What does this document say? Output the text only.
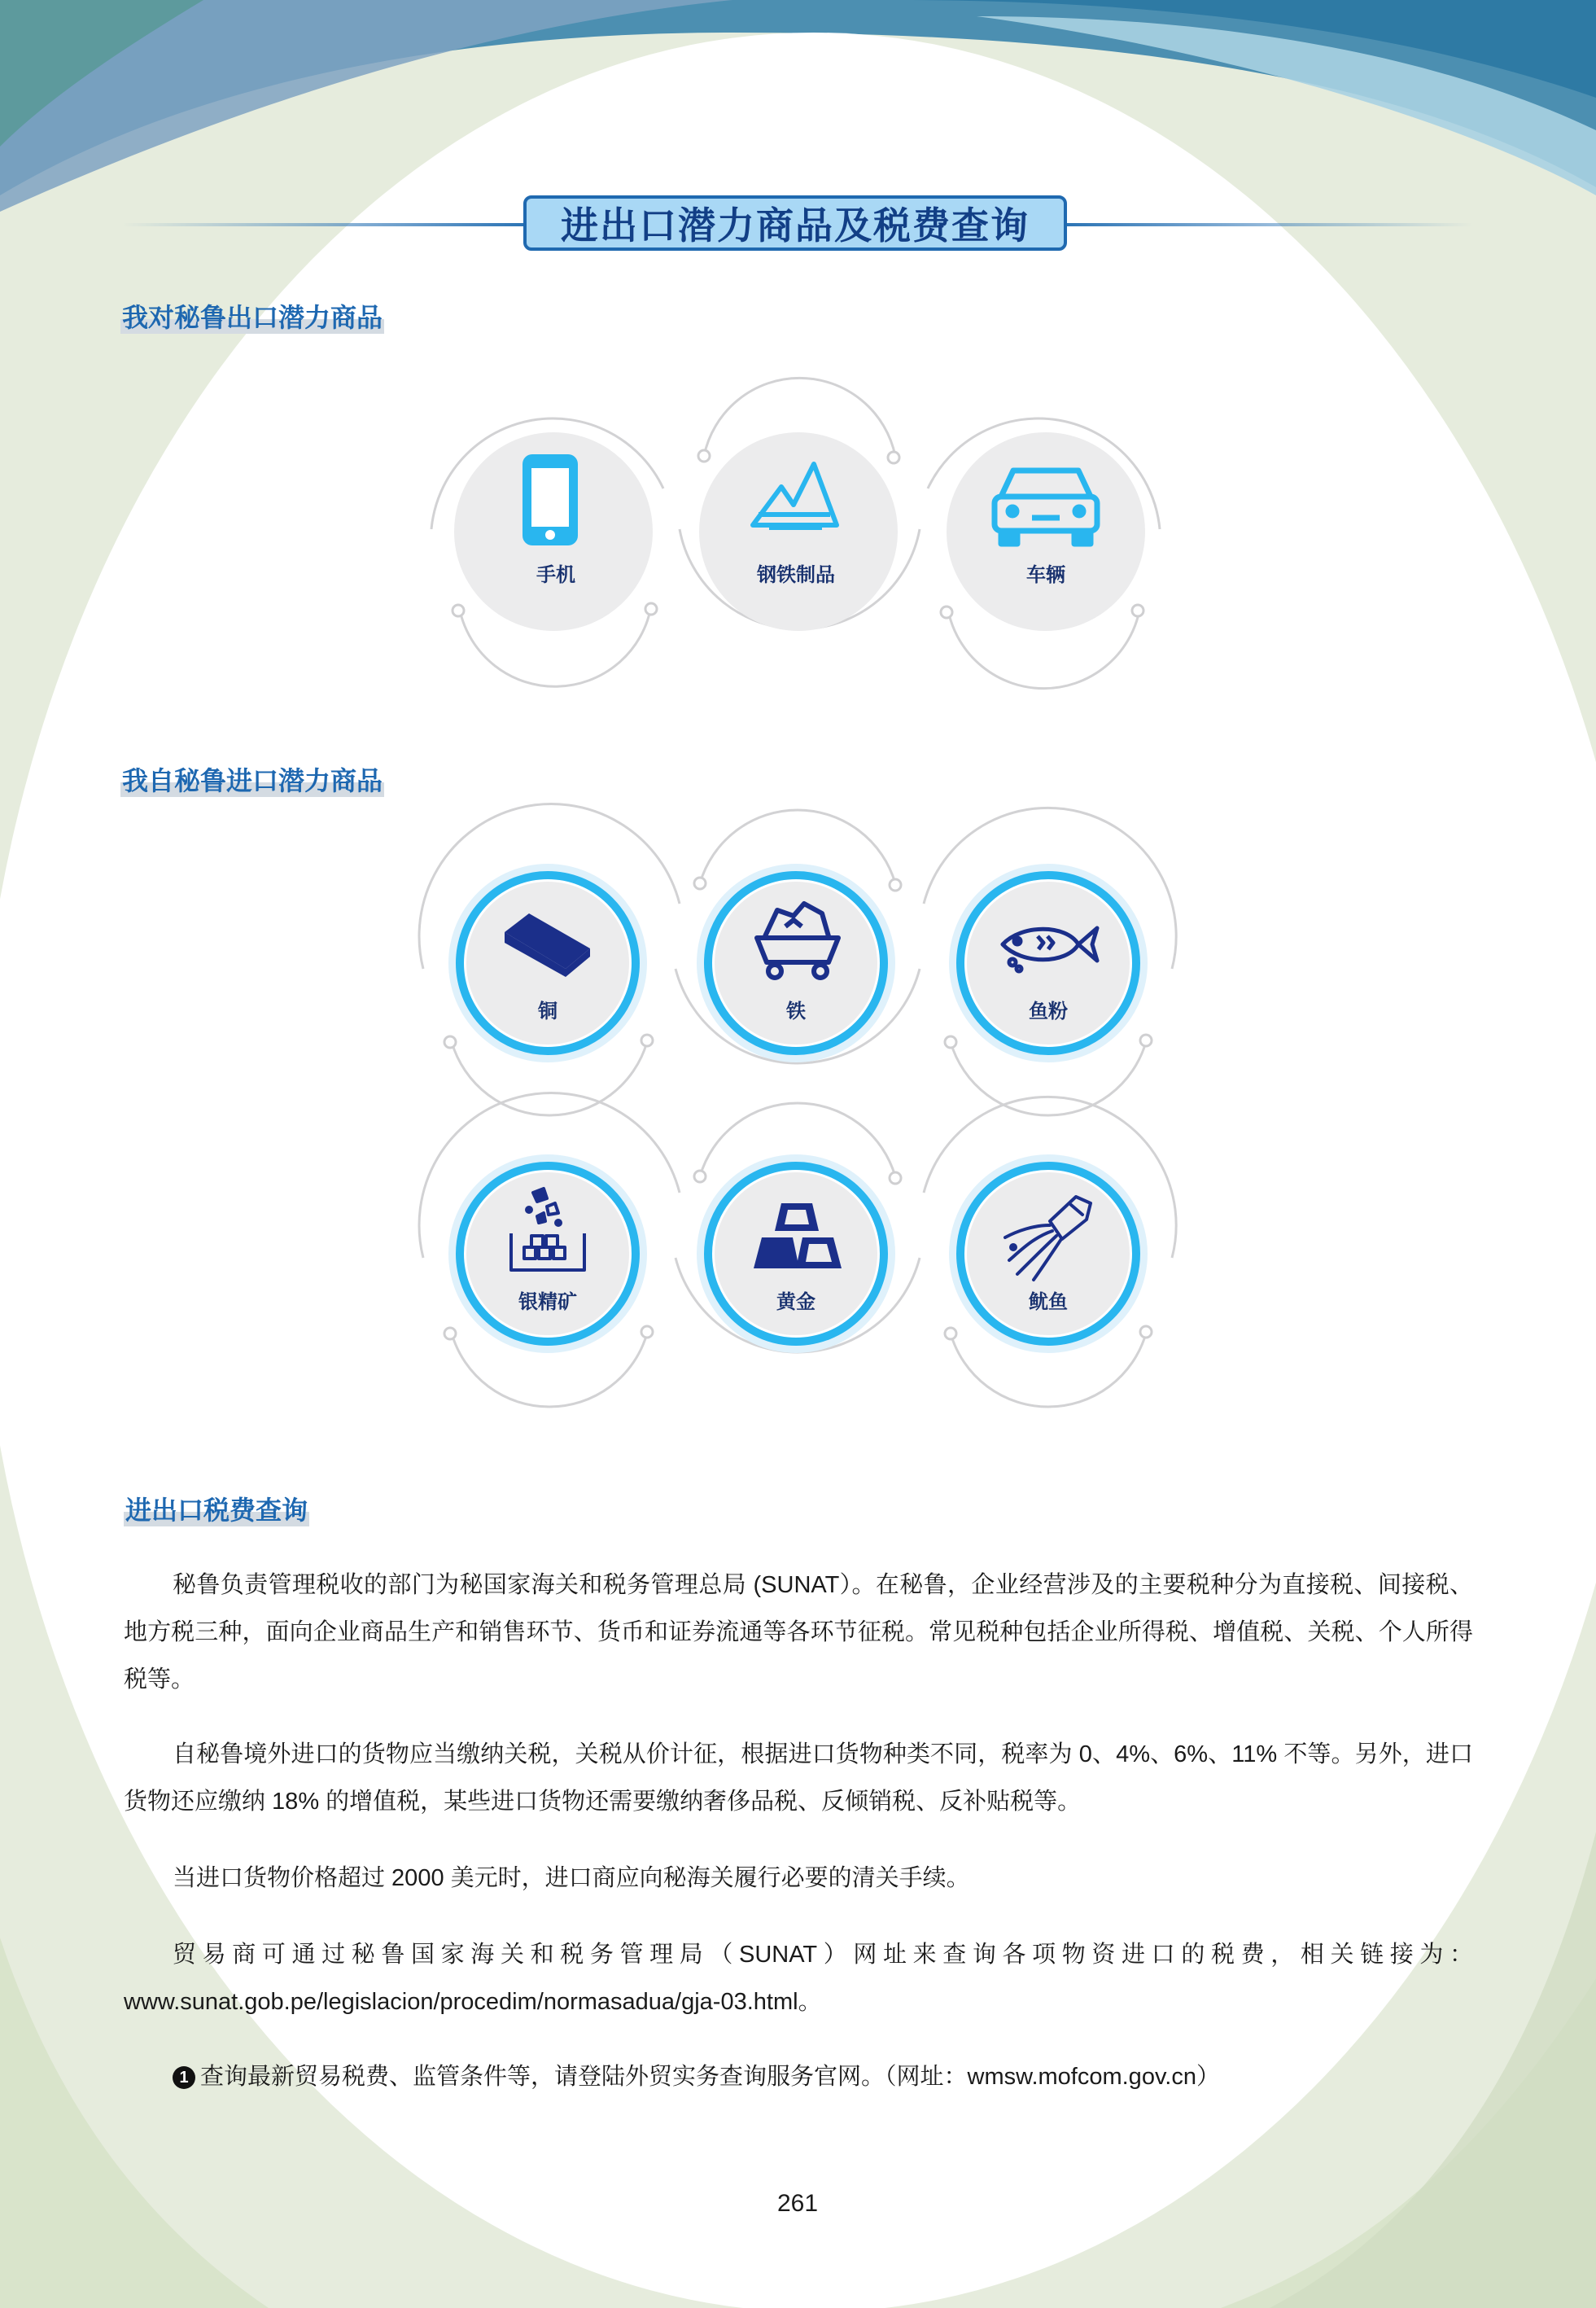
进出口潜力商品及税费查询
我对秘鲁出口潜力商品
我自秘鲁进口潜力商品
进出口税费查询
手机	钢铁制品	车辆
铜	铁	鱼粉
银精矿	黄金	鱿鱼

秘鲁负责管理税收的部门为秘国家海关和税务管理总局 (SUNAT）。在秘鲁，企业经营涉及的主要税种分为直接税、间接税、地方税三种，面向企业商品生产和销售环节、货币和证券流通等各环节征税。常见税种包括企业所得税、增值税、关税、个人所得税等。

自秘鲁境外进口的货物应当缴纳关税，关税从价计征，根据进口货物种类不同，税率为 0、4%、6%、11% 不等。另外，进口货物还应缴纳 18% 的增值税，某些进口货物还需要缴纳奢侈品税、反倾销税、反补贴税等。

当进口货物价格超过 2000 美元时，进口商应向秘海关履行必要的清关手续。

贸易商可通过秘鲁国家海关和税务管理局（SUNAT）网址来查询各项物资进口的税费，相关链接为：www.sunat.gob.pe/legislacion/procedim/normasadua/gja-03.html。

1 查询最新贸易税费、监管条件等，请登陆外贸实务查询服务官网。（网址：wmsw.mofcom.gov.cn）
261
